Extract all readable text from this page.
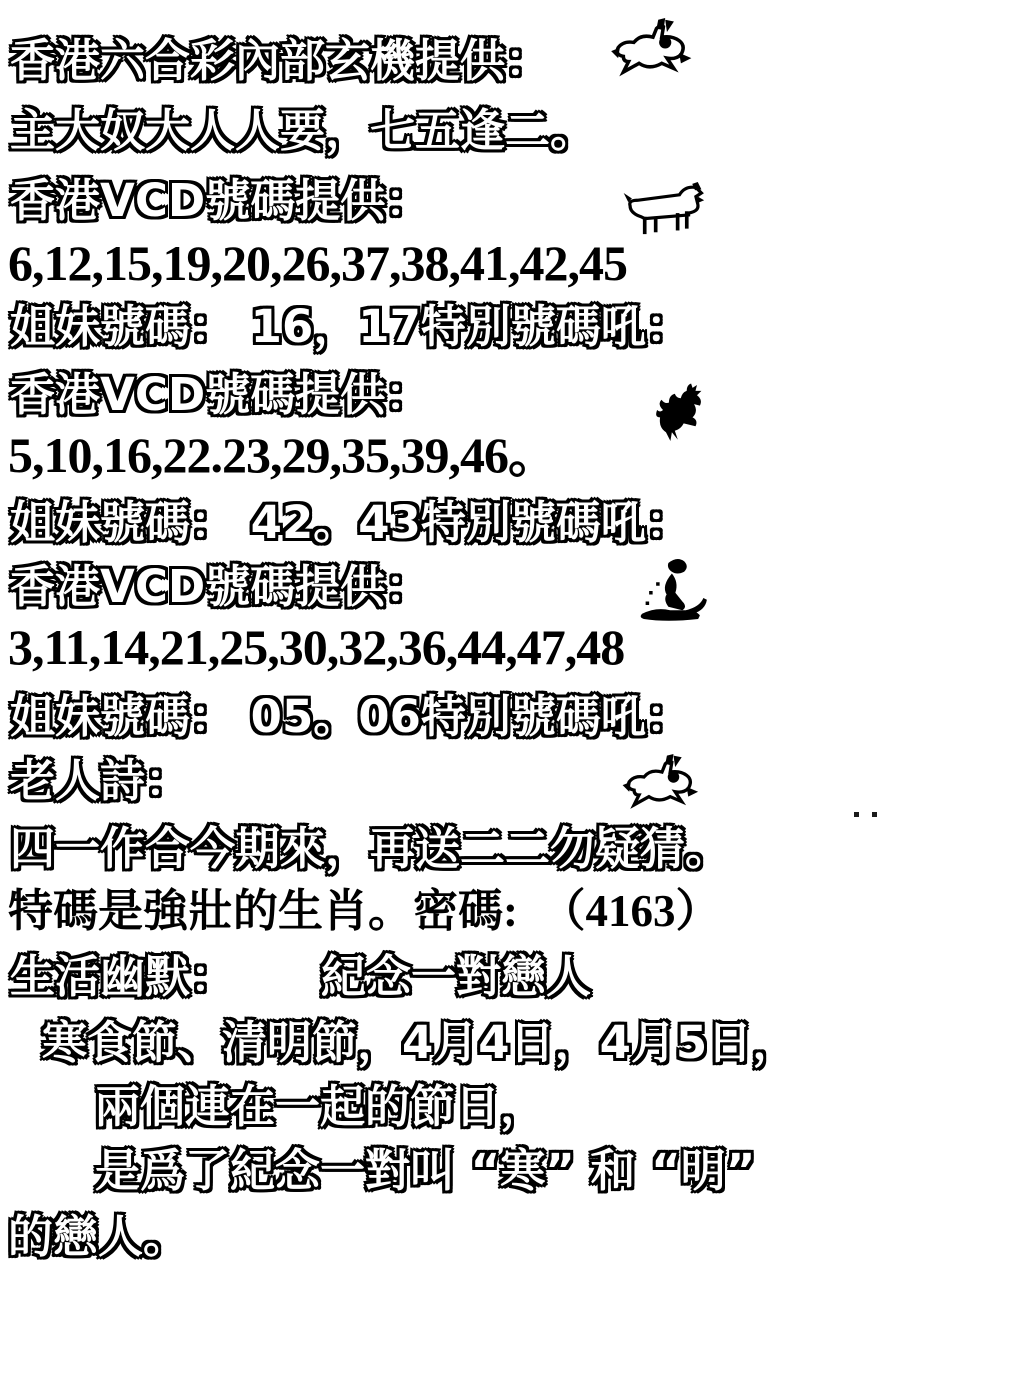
香港六合彩內部玄機提供：
主大奴大人人要，七五逢二。
香港VCD號碼提供：
6,12,15,19,20,26,37,38,41,42,45
姐妹號碼： 16，17特別號碼吼：
香港VCD號碼提供：
5,10,16,22.23,29,35,39,46。
姐妹號碼： 42。43特別號碼吼：
香港VCD號碼提供：
3,11,14,21,25,30,32,36,44,47,48
姐妹號碼： 05。06特別號碼吼：
老人詩：
四一作合今期來，再送二二勿疑猜。
特碼是強壯的生肖。密碼:　（4163）
生活幽默： 紀念一對戀人
寒食節、清明節，4月4日，4月5日，
兩個連在一起的節日，
是爲了紀念一對叫 “寒” 和 “明”
的戀人。
